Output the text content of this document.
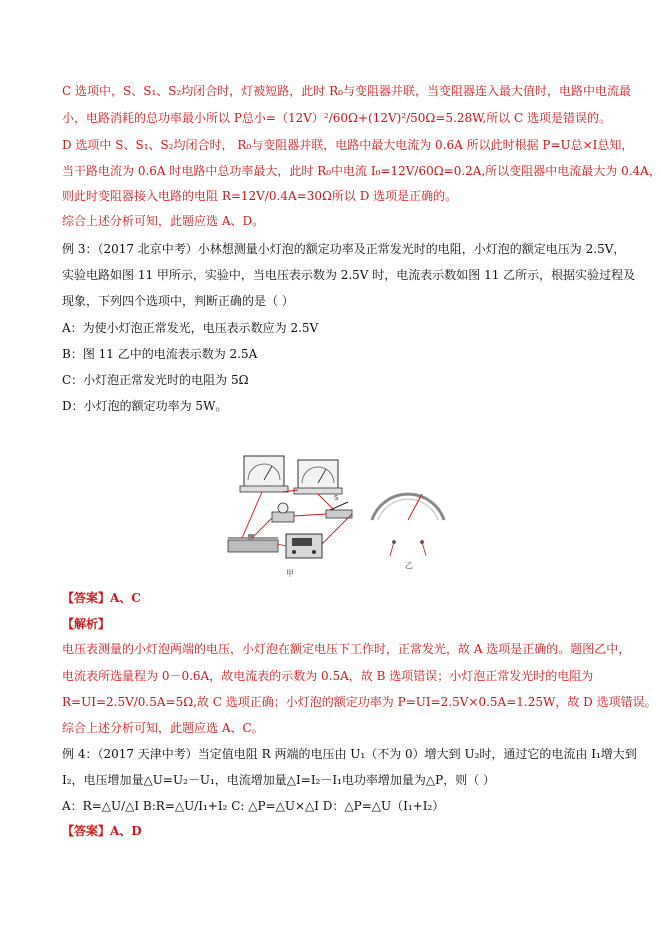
C 选项中，S、S₁、S₂均闭合时，灯被短路，此时 R₀与变阻器并联，当变阻器连入最大值时，电路中电流最
小，电路消耗的总功率最小所以 P总小=（12V）²/60Ω+(12V)²/50Ω=5.28W,所以 C 选项是错误的。
D 选项中 S、S₁、S₂均闭合时， R₀与变阻器并联，电路中最大电流为 0.6A 所以此时根据 P=U总×I总知，
当干路电流为 0.6A 时电路中总功率最大，此时 R₀中电流 I₀=12V/60Ω=0.2A,所以变阻器中电流最大为 0.4A，
则此时变阻器接入电路的电阻 R=12V/0.4A=30Ω所以 D 选项是正确的。
综合上述分析可知，此题应选 A、D。
例 3：（2017 北京中考）小林想测量小灯泡的额定功率及正常发光时的电阻，小灯泡的额定电压为 2.5V，
实验电路如图 11 甲所示，实验中，当电压表示数为 2.5V 时，电流表示数如图 11 乙所示，根据实验过程及
现象，下列四个选项中，判断正确的是（ ）
A：为使小灯泡正常发光，电压表示数应为 2.5V
B：图 11 乙中的电流表示数为 2.5A
C：小灯泡正常发光时的电阻为 5Ω
D：小灯泡的额定功率为 5W。
【答案】A、C
【解析】
电压表测量的小灯泡两端的电压，小灯泡在额定电压下工作时，正常发光，故 A 选项是正确的。题图乙中，
电流表所选量程为 0－0.6A，故电流表的示数为 0.5A，故 B 选项错误；小灯泡正常发光时的电阻为
R=UI=2.5V/0.5A=5Ω,故 C 选项正确；小灯泡的额定功率为 P=UI=2.5V×0.5A=1.25W，故 D 选项错误。
综合上述分析可知，此题应选 A、C。
例 4：（2017 天津中考）当定值电阻 R 两端的电压由 U₁（不为 0）增大到 U₂时，通过它的电流由 I₁增大到
I₂，电压增加量△U=U₂－U₁，电流增加量△I=I₂－I₁电功率增加量为△P，则（ ）
A：R=△U/△I B:R=△U/I₁+I₂ C: △P=△U×△I D：△P=△U（I₁+I₂）
【答案】A、D
S
甲
乙
